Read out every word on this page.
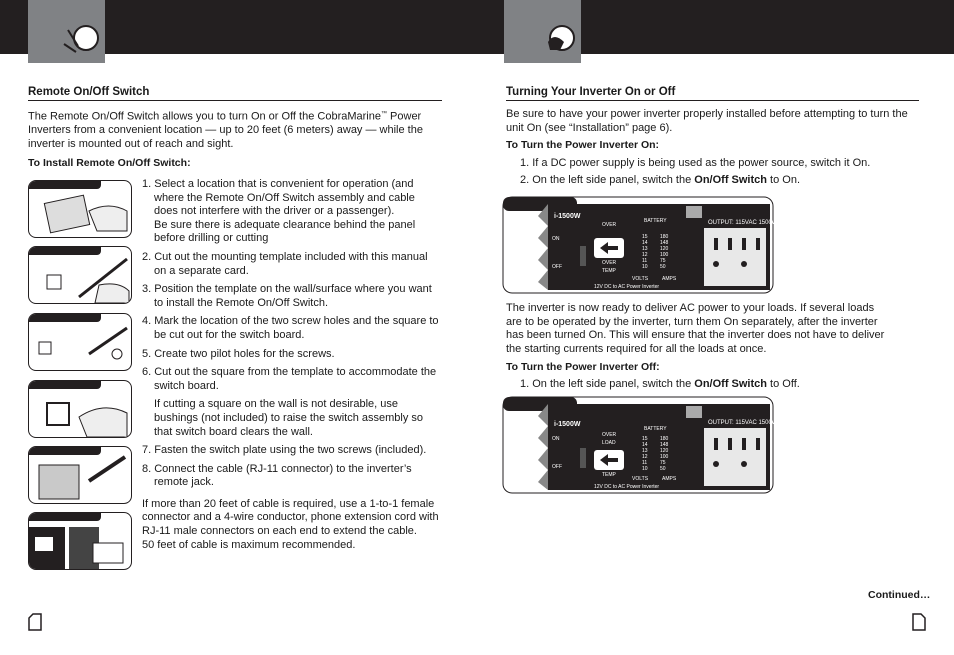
Remote On/Off Switch

The Remote On/Off Switch allows you to turn On or Off the CobraMarine™ Power Inverters from a convenient location — up to 20 feet (6 meters) away — while the inverter is mounted out of reach and sight.

To Install Remote On/Off Switch:

1. Select a location that is convenient for operation (and where the Remote On/Off Switch assembly and cable does not interfere with the driver or a passenger).

Be sure there is adequate clearance behind the panel before drilling or cutting

2. Cut out the mounting template included with this manual on a separate card.

3. Position the template on the wall/surface where you want to install the Remote On/Off Switch.

4. Mark the location of the two screw holes and the square to be cut out for the switch board.

5. Create two pilot holes for the screws.

6. Cut out the square from the template to accommodate the switch board.

If cutting a square on the wall is not desirable, use bushings (not included) to raise the switch assembly so that switch board clears the wall.

7. Fasten the switch plate using the two screws (included).

8. Connect the cable (RJ-11 connector) to the inverter’s remote jack.

If more than 20 feet of cable is required, use a 1-to-1 female connector and a 4-wire conductor, phone extension cord with RJ-11 male connectors on each end to extend the cable.

50 feet of cable is maximum recommended.

Turning Your Inverter On or Off

Be sure to have your power inverter properly installed before attempting to turn the unit On (see “Installation” page 6).

To Turn the Power Inverter On:

1. If a DC power supply is being used as the power source, switch it On.

2. On the left side panel, switch the On/Off Switch to On.

The inverter is now ready to deliver AC power to your loads. If several loads are to be operated by the inverter, turn them On separately, after the inverter has been turned On. This will ensure that the inverter does not have to deliver the starting currents required for all the loads at once.

To Turn the Power Inverter Off:

1. On the left side panel, switch the On/Off Switch to Off.

i-1500W
OVER
ON
OFF
OVER
TEMP
VOLTS	AMPS
BATTERY
15
14
13
12
11
10
180
148
120
100
75
50
12V DC to AC Power Inverter
OUTPUT: 115VAC 1500W
i-1500W
OVER
LOAD
ON
OFF
TEMP
VOLTS	AMPS
BATTERY
15
14
13
12
11
10
180
148
120
100
75
50
12V DC to AC Power Inverter
OUTPUT: 115VAC 1500W
Continued…
